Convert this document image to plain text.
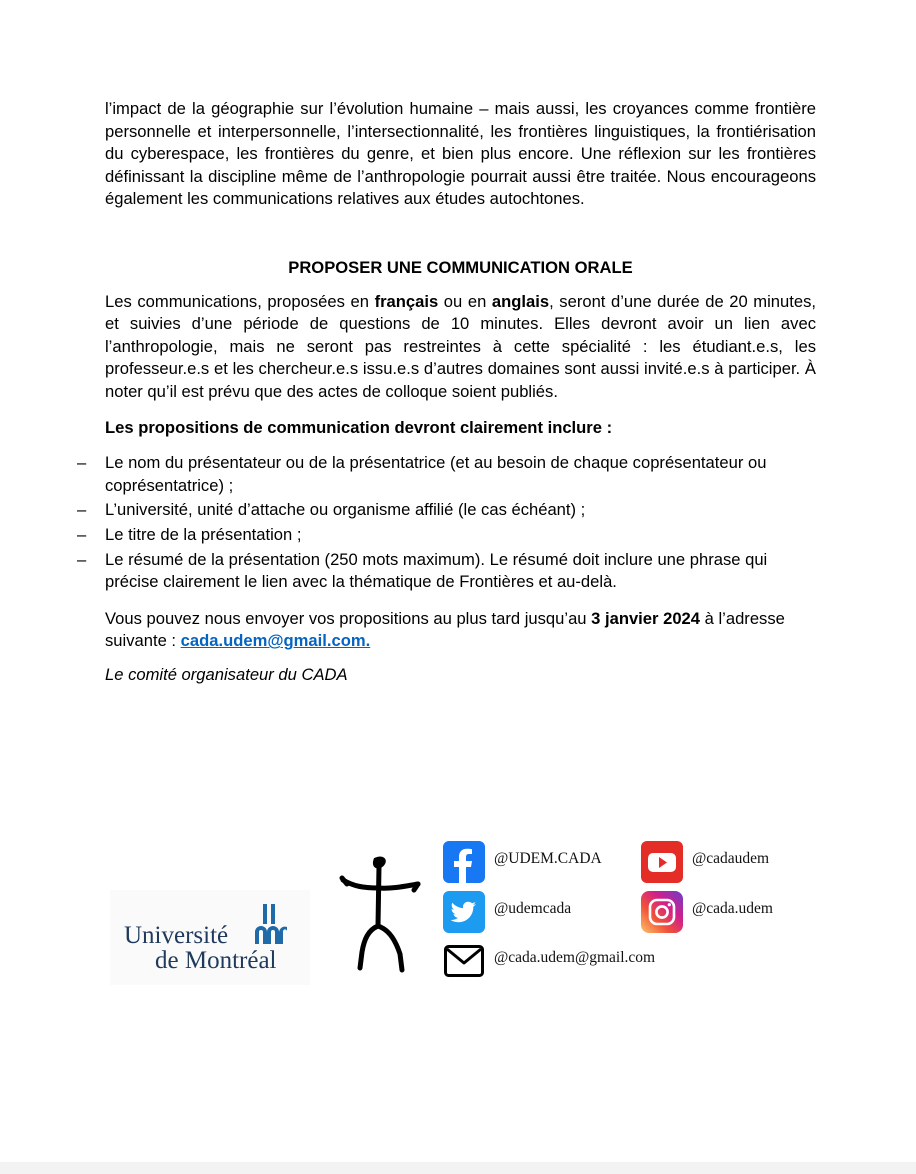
l’impact de la géographie sur l’évolution humaine – mais aussi, les croyances comme frontière personnelle et interpersonnelle, l’intersectionnalité, les frontières linguistiques, la frontiérisation du cyberespace, les frontières du genre, et bien plus encore. Une réflexion sur les frontières définissant la discipline même de l’anthropologie pourrait aussi être traitée. Nous encourageons également les communications relatives aux études autochtones.

PROPOSER UNE COMMUNICATION ORALE

Les communications, proposées en français ou en anglais, seront d’une durée de 20 minutes, et suivies d’une période de questions de 10 minutes. Elles devront avoir un lien avec l’anthropologie, mais ne seront pas restreintes à cette spécialité : les étudiant.e.s, les professeur.e.s et les chercheur.e.s issu.e.s d’autres domaines sont aussi invité.e.s à participer. À noter qu’il est prévu que des actes de colloque soient publiés.

Les propositions de communication devront clairement inclure :

– Le nom du présentateur ou de la présentatrice (et au besoin de chaque coprésentateur ou coprésentatrice) ;
– L’université, unité d’attache ou organisme affilié (le cas échéant) ;
– Le titre de la présentation ;
– Le résumé de la présentation (250 mots maximum). Le résumé doit inclure une phrase qui précise clairement le lien avec la thématique de Frontières et au-delà.

Vous pouvez nous envoyer vos propositions au plus tard jusqu’au 3 janvier 2024 à l’adresse suivante : cada.udem@gmail.com.

Le comité organisateur du CADA

Université
de Montréal
@UDEM.CADA	@cadaudem
@udemcada	@cada.udem
@cada.udem@gmail.com
